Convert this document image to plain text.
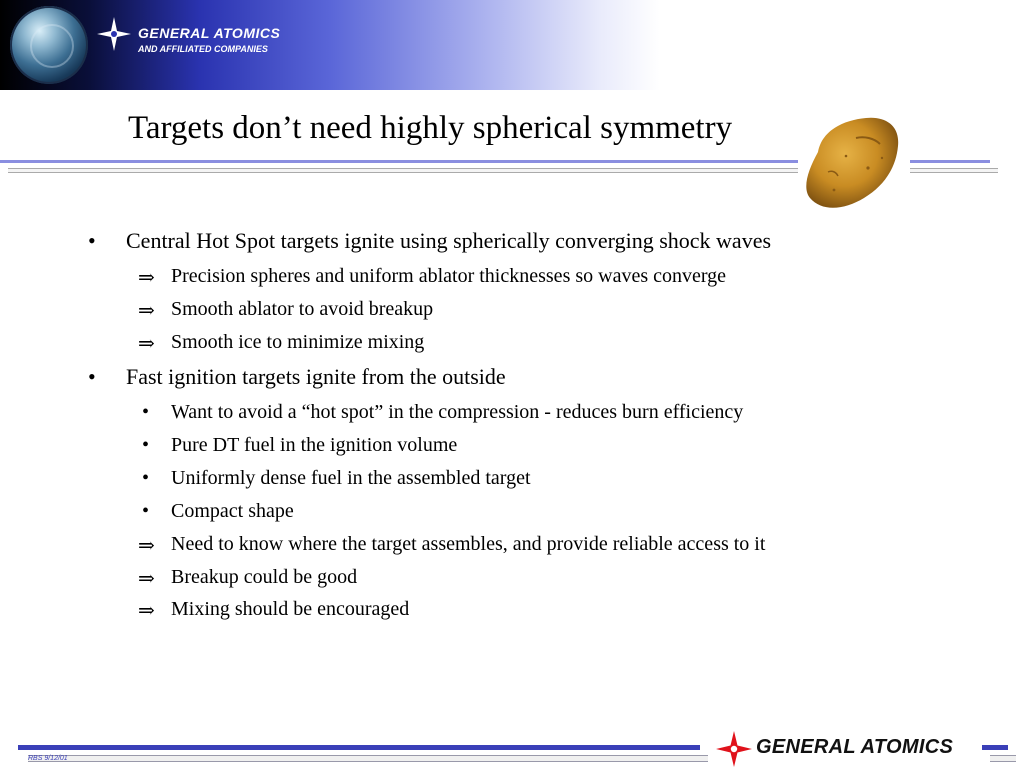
GENERAL ATOMICS
AND AFFILIATED COMPANIES
Targets don’t need highly spherical symmetry
• Central Hot Spot targets ignite using spherically converging shock waves
⇒ Precision spheres and uniform ablator thicknesses so waves converge
⇒ Smooth ablator to avoid breakup
⇒ Smooth ice to minimize mixing
• Fast ignition targets ignite from the outside
• Want to avoid a “hot spot” in the compression - reduces burn efficiency
• Pure DT fuel in the ignition volume
• Uniformly dense fuel in the assembled target
• Compact shape
⇒ Need to know where the target assembles, and provide reliable access to it
⇒ Breakup could be good
⇒ Mixing should be encouraged
RBS 9/12/01
GENERAL ATOMICS
